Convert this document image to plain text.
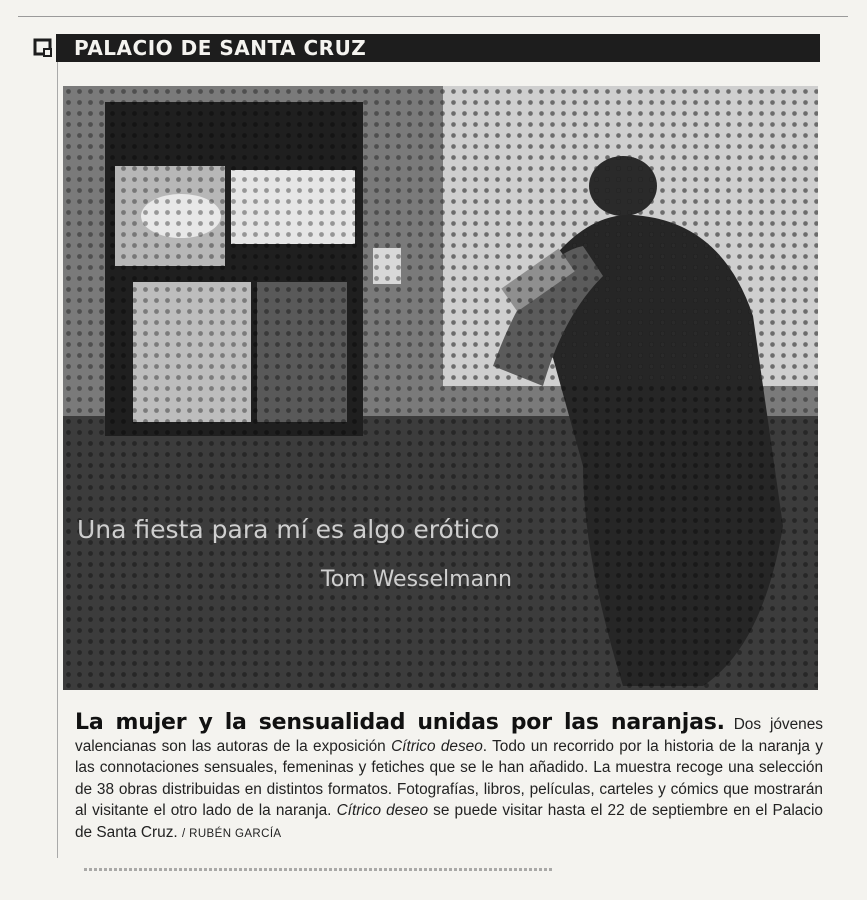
PALACIO DE SANTA CRUZ
Una fiesta para mí es algo erótico
Tom Wesselmann
La mujer y la sensualidad unidas por las naranjas. Dos jóvenes valencianas son las autoras de la exposición Cítrico deseo. Todo un recorrido por la historia de la naranja y las connotaciones sensuales, femeninas y fetiches que se le han añadido. La muestra recoge una selección de 38 obras distribuidas en distintos formatos. Fotografías, libros, películas, carteles y cómics que mostrarán al visitante el otro lado de la naranja. Cítrico deseo se puede visitar hasta el 22 de septiembre en el Palacio de Santa Cruz. / RUBÉN GARCÍA
